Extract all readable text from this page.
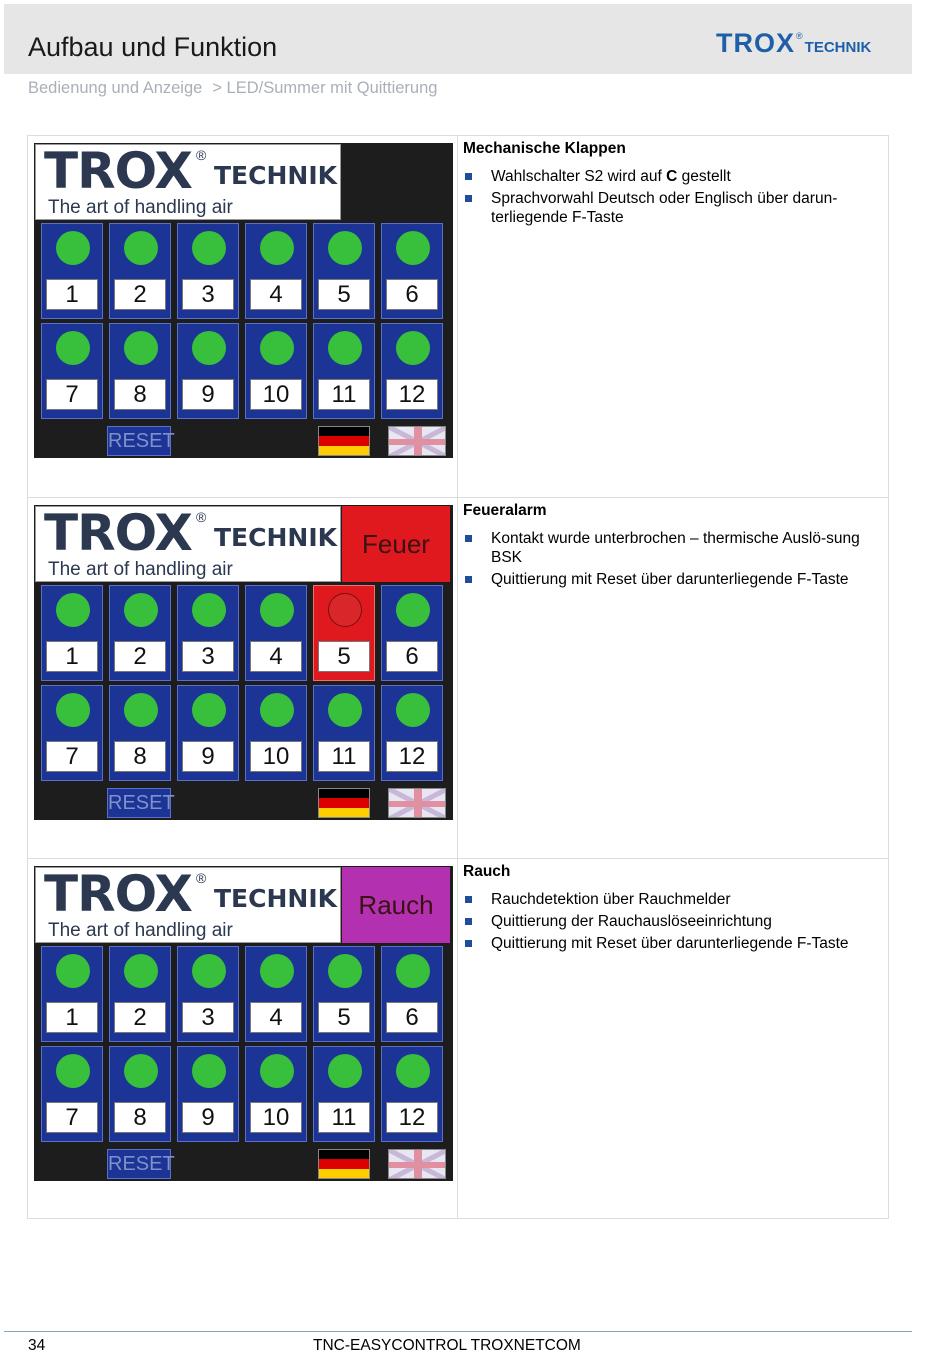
Aufbau und Funktion	TROX ®
TECHNIK
Bedienung und Anzeige > LED/Summer mit Quittierung
TROX ®
TECHNIK
The art of handling air
1	2	3	4	5	6
7	8	9	10	11	12
RESET
Mechanische Klappen
Wahlschalter S2 wird auf C gestellt
Sprachvorwahl Deutsch oder Englisch über darun-terliegende F-Taste
TROX ®
TECHNIK
The art of handling air
Feuer
1	2	3	4	5	6
7	8	9	10	11	12
RESET
Feueralarm
Kontakt wurde unterbrochen – thermische Auslö-sung BSK
Quittierung mit Reset über darunterliegende F-Taste
TROX ®
TECHNIK
The art of handling air
Rauch
1	2	3	4	5	6
7	8	9	10	11	12
RESET
Rauch
Rauchdetektion über Rauchmelder
Quittierung der Rauchauslöseeinrichtung
Quittierung mit Reset über darunterliegende F-Taste
34	TNC-EASYCONTROL TROXNETCOM
